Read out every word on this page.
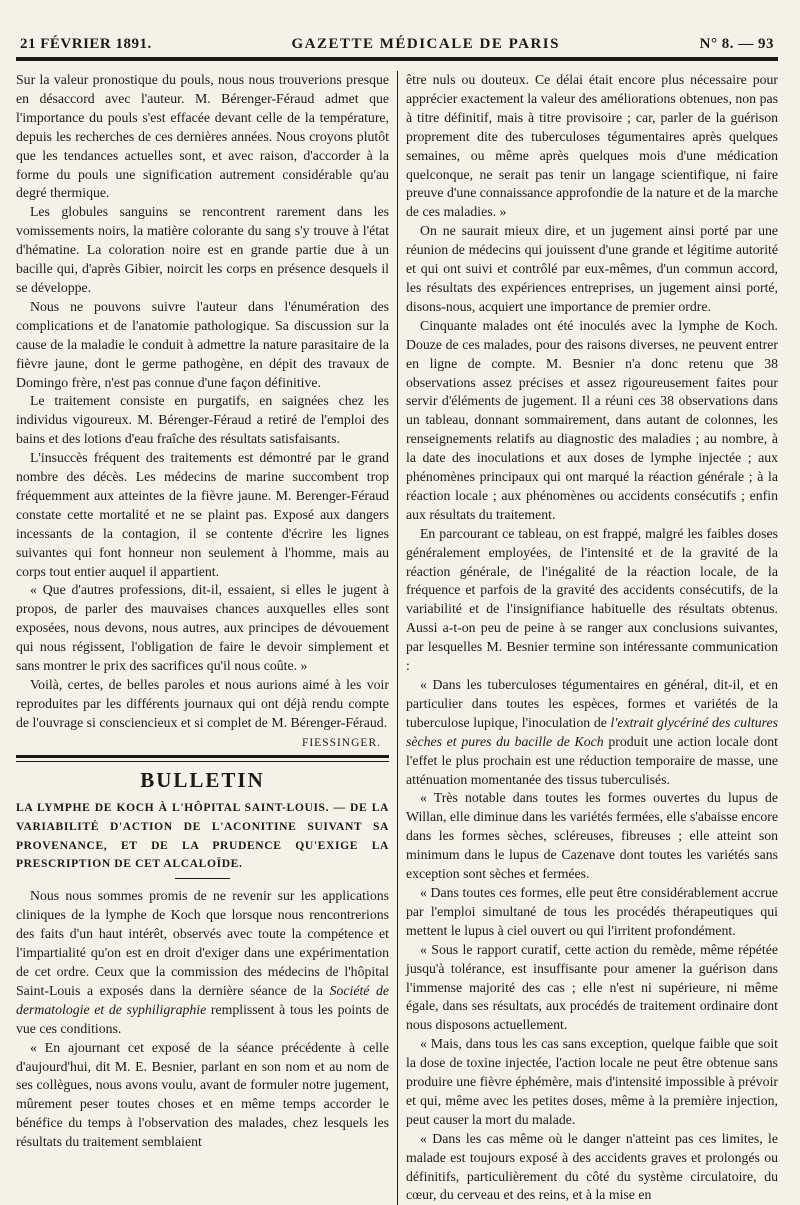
21 FÉVRIER 1891.	GAZETTE MÉDICALE DE PARIS	N° 8. — 93

Sur la valeur pronostique du pouls, nous nous trouverions presque en désaccord avec l'auteur. M. Bérenger-Féraud admet que l'importance du pouls s'est effacée devant celle de la température, depuis les recherches de ces dernières années. Nous croyons plutôt que les tendances actuelles sont, et avec raison, d'accorder à la forme du pouls une signification autrement considérable qu'au degré thermique.

Les globules sanguins se rencontrent rarement dans les vomissements noirs, la matière colorante du sang s'y trouve à l'état d'hématine. La coloration noire est en grande partie due à un bacille qui, d'après Gibier, noircit les corps en présence desquels il se développe.

Nous ne pouvons suivre l'auteur dans l'énumération des complications et de l'anatomie pathologique. Sa discussion sur la cause de la maladie le conduit à admettre la nature parasitaire de la fièvre jaune, dont le germe pathogène, en dépit des travaux de Domingo frère, n'est pas connue d'une façon définitive.

Le traitement consiste en purgatifs, en saignées chez les individus vigoureux. M. Bérenger-Féraud a retiré de l'emploi des bains et des lotions d'eau fraîche des résultats satisfaisants.

L'insuccès fréquent des traitements est démontré par le grand nombre des décès. Les médecins de marine succombent trop fréquemment aux atteintes de la fièvre jaune. M. Berenger-Féraud constate cette mortalité et ne se plaint pas. Exposé aux dangers incessants de la contagion, il se contente d'écrire les lignes suivantes qui font honneur non seulement à l'homme, mais au corps tout entier auquel il appartient.

« Que d'autres professions, dit-il, essaient, si elles le jugent à propos, de parler des mauvaises chances auxquelles elles sont exposées, nous devons, nous autres, aux principes de dévouement qui nous régissent, l'obligation de faire le devoir simplement et sans montrer le prix des sacrifices qu'il nous coûte. »

Voilà, certes, de belles paroles et nous aurions aimé à les voir reproduites par les différents journaux qui ont déjà rendu compte de l'ouvrage si consciencieux et si complet de M. Bérenger-Féraud.

FIESSINGER.
BULLETIN
LA LYMPHE DE KOCH À L'HÔPITAL SAINT-LOUIS. — DE LA VARIABILITÉ D'ACTION DE L'ACONITINE SUIVANT SA PROVENANCE, ET DE LA PRUDENCE QU'EXIGE LA PRESCRIPTION DE CET ALCALOÏDE.

Nous nous sommes promis de ne revenir sur les applications cliniques de la lymphe de Koch que lorsque nous rencontrerions des faits d'un haut intérêt, observés avec toute la compétence et l'impartialité qu'on est en droit d'exiger dans une expérimentation de cet ordre. Ceux que la commission des médecins de l'hôpital Saint-Louis a exposés dans la dernière séance de la Société de dermatologie et de syphiligraphie remplissent à tous les points de vue ces conditions.

« En ajournant cet exposé de la séance précédente à celle d'aujourd'hui, dit M. E. Besnier, parlant en son nom et au nom de ses collègues, nous avons voulu, avant de formuler notre jugement, mûrement peser toutes choses et en même temps accorder le bénéfice du temps à l'observation des malades, chez lesquels les résultats du traitement semblaient

être nuls ou douteux. Ce délai était encore plus nécessaire pour apprécier exactement la valeur des améliorations obtenues, non pas à titre définitif, mais à titre provisoire ; car, parler de la guérison proprement dite des tuberculoses tégumentaires après quelques semaines, ou même après quelques mois d'une médication quelconque, ne serait pas tenir un langage scientifique, ni faire preuve d'une connaissance approfondie de la nature et de la marche de ces maladies. »

On ne saurait mieux dire, et un jugement ainsi porté par une réunion de médecins qui jouissent d'une grande et légitime autorité et qui ont suivi et contrôlé par eux-mêmes, d'un commun accord, les résultats des expériences entreprises, un jugement ainsi porté, disons-nous, acquiert une importance de premier ordre.

Cinquante malades ont été inoculés avec la lymphe de Koch. Douze de ces malades, pour des raisons diverses, ne peuvent entrer en ligne de compte. M. Besnier n'a donc retenu que 38 observations assez précises et assez rigoureusement faites pour servir d'éléments de jugement. Il a réuni ces 38 observations dans un tableau, donnant sommairement, dans autant de colonnes, les renseignements relatifs au diagnostic des maladies ; au nombre, à la date des inoculations et aux doses de lymphe injectée ; aux phénomènes principaux qui ont marqué la réaction générale ; à la réaction locale ; aux phénomènes ou accidents consécutifs ; enfin aux résultats du traitement.

En parcourant ce tableau, on est frappé, malgré les faibles doses généralement employées, de l'intensité et de la gravité de la réaction générale, de l'inégalité de la réaction locale, de la fréquence et parfois de la gravité des accidents consécutifs, de la variabilité et de l'insignifiance habituelle des résultats obtenus. Aussi a-t-on peu de peine à se ranger aux conclusions suivantes, par lesquelles M. Besnier termine son intéressante communication :

« Dans les tuberculoses tégumentaires en général, dit-il, et en particulier dans toutes les espèces, formes et variétés de la tuberculose lupique, l'inoculation de l'extrait glycériné des cultures sèches et pures du bacille de Koch produit une action locale dont l'effet le plus prochain est une réduction temporaire de masse, une atténuation momentanée des tissus tuberculisés.

« Très notable dans toutes les formes ouvertes du lupus de Willan, elle diminue dans les variétés fermées, elle s'abaisse encore dans les formes sèches, scléreuses, fibreuses ; elle atteint son minimum dans le lupus de Cazenave dont toutes les variétés sans exception sont sèches et fermées.

« Dans toutes ces formes, elle peut être considérablement accrue par l'emploi simultané de tous les procédés thérapeutiques qui mettent le lupus à ciel ouvert ou qui l'irritent profondément.

« Sous le rapport curatif, cette action du remède, même répétée jusqu'à tolérance, est insuffisante pour amener la guérison dans l'immense majorité des cas ; elle n'est ni supérieure, ni même égale, dans ses résultats, aux procédés de traitement ordinaire dont nous disposons actuellement.

« Mais, dans tous les cas sans exception, quelque faible que soit la dose de toxine injectée, l'action locale ne peut être obtenue sans produire une fièvre éphémère, mais d'intensité impossible à prévoir et qui, même avec les petites doses, même à la première injection, peut causer la mort du malade.

« Dans les cas même où le danger n'atteint pas ces limites, le malade est toujours exposé à des accidents graves et prolongés ou définitifs, particulièrement du côté du système circulatoire, du cœur, du cerveau et des reins, et à la mise en
